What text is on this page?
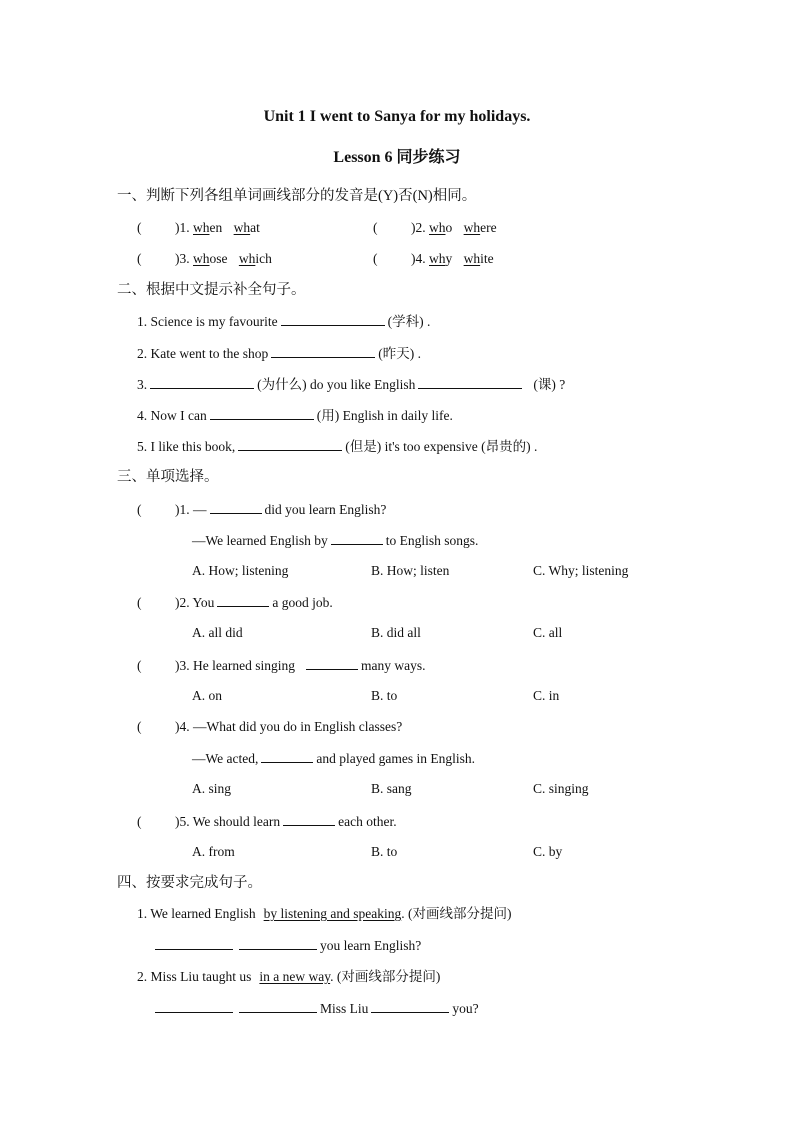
Unit 1 I went to Sanya for my holidays.
Lesson 6 同步练习
一、判断下列各组单词画线部分的发音是(Y)否(N)相同。
( )1. when what	( )2. who where
( )3. whose which	( )4. why white
二、根据中文提示补全句子。
1. Science is my favourite	(学科) .
2. Kate went to the shop	(昨天) .
3.	(为什么) do you like English	(课) ?
4. Now I can	(用) English in daily life.
5. I like this book,	(但是) it's too expensive (昂贵的) .
三、单项选择。
( )1. —	did you learn English?
—We learned English by	to English songs.
A. How; listening	B. How; listen	C. Why; listening
( )2. You	a good job.
A. all did	B. did all	C. all
( )3. He learned singing	many ways.
A. on	B. to	C. in
( )4. —What did you do in English classes?
—We acted,	and played games in English.
A. sing	B. sang	C. singing
( )5. We should learn	each other.
A. from	B. to	C. by
四、按要求完成句子。
1. We learned English by listening and speaking. (对画线部分提问)
you learn English?
2. Miss Liu taught us in a new way. (对画线部分提问)
Miss Liu	you?
